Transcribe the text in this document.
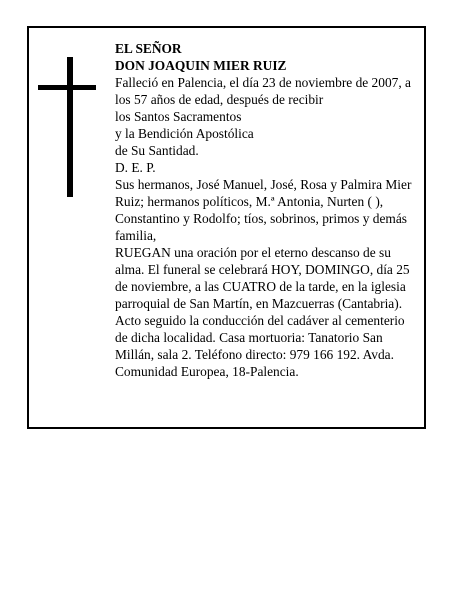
EL SEÑOR
DON JOAQUIN MIER RUIZ
Falleció en Palencia, el día 23 de noviembre de 2007, a
los 57 años de edad, después de recibir
los Santos Sacramentos
y la Bendición Apostólica
de Su Santidad.
D. E. P.
Sus hermanos, José Manuel, José, Rosa y Palmira Mier
Ruiz; hermanos políticos, M.ª Antonia, Nurten ( ),
Constantino y Rodolfo; tíos, sobrinos, primos y demás
familia,
RUEGAN una oración por el eterno descanso de su
alma. El funeral se celebrará HOY, DOMINGO, día 25
de noviembre, a las CUATRO de la tarde, en la iglesia
parroquial de San Martín, en Mazcuerras (Cantabria).
Acto seguido la conducción del cadáver al cementerio
de dicha localidad. Casa mortuoria: Tanatorio San
Millán, sala 2. Teléfono directo: 979 166 192. Avda.
Comunidad Europea, 18-Palencia.
